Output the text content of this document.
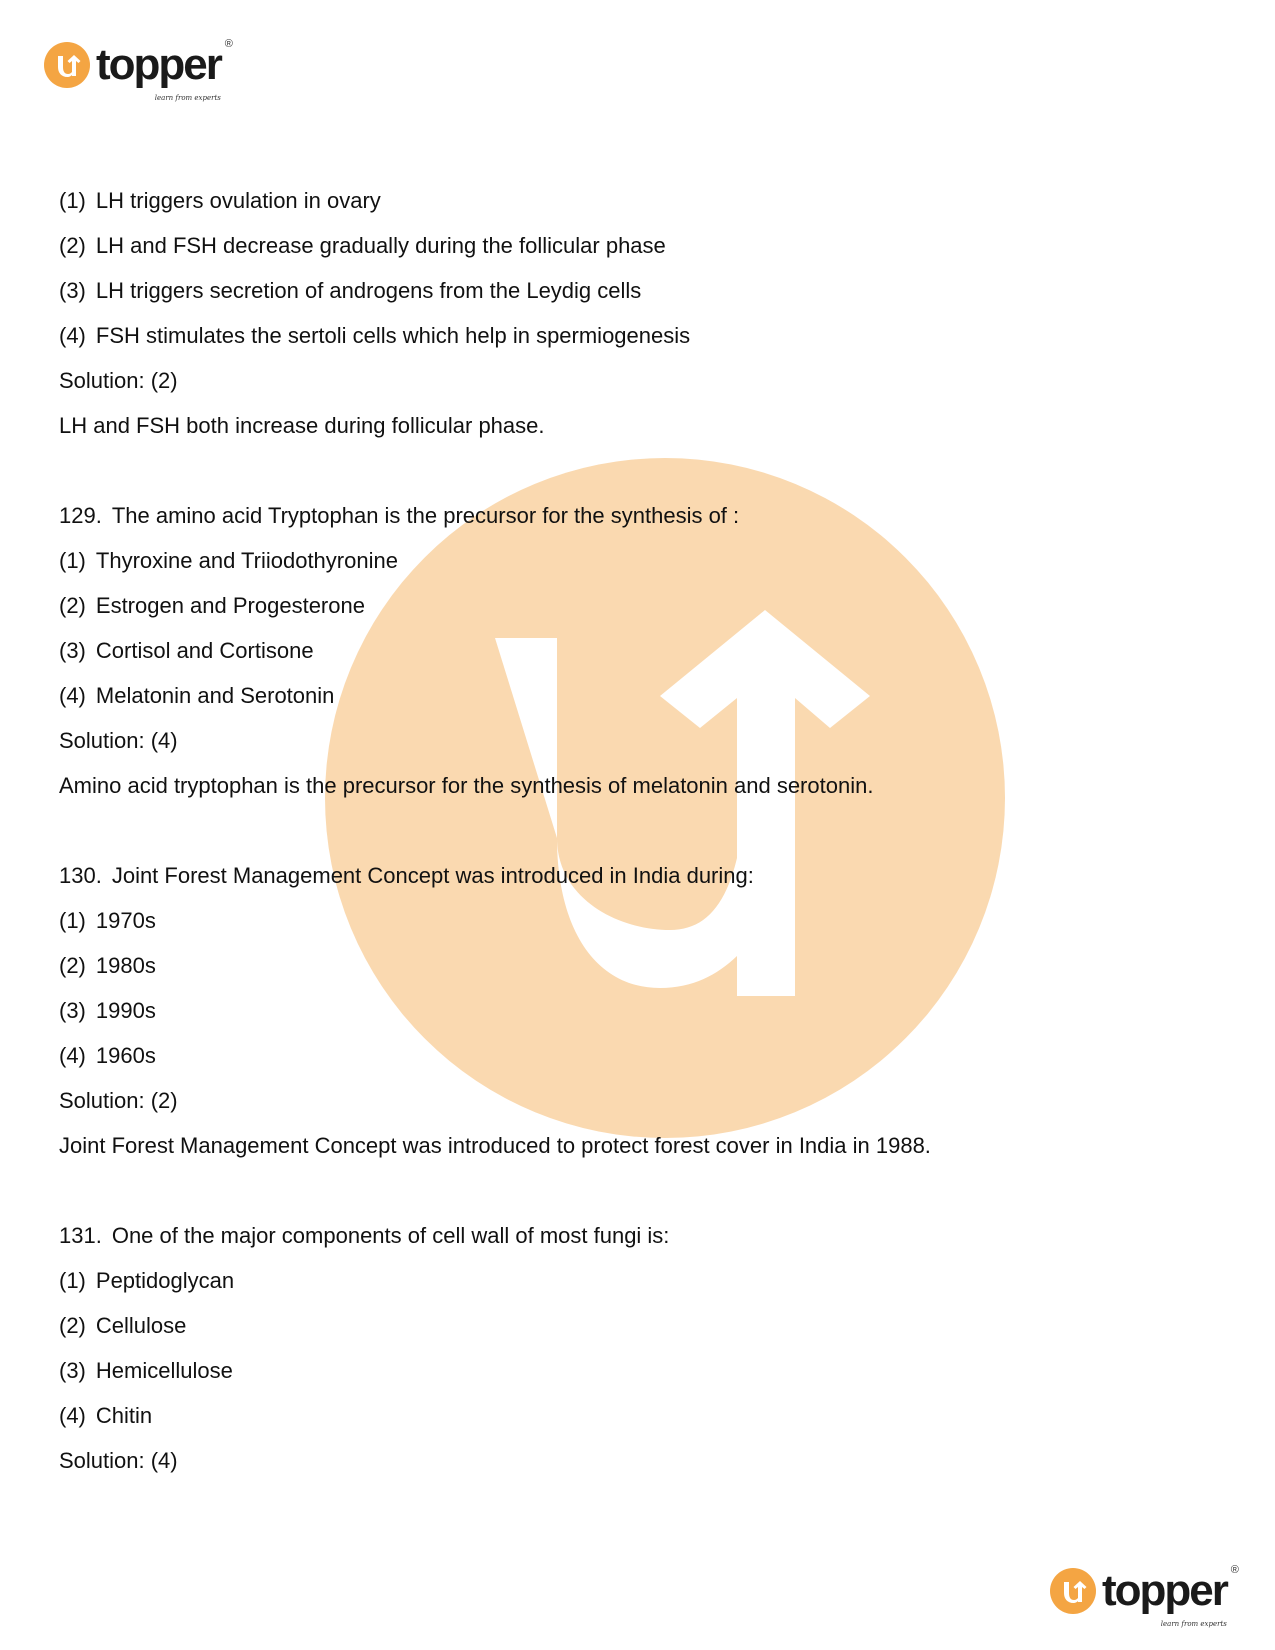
topper ®
learn from experts
(1) LH triggers ovulation in ovary
(2) LH and FSH decrease gradually during the follicular phase
(3) LH triggers secretion of androgens from the Leydig cells
(4) FSH stimulates the sertoli cells which help in spermiogenesis
Solution: (2)
LH and FSH both increase during follicular phase.
129. The amino acid Tryptophan is the precursor for the synthesis of :
(1) Thyroxine and Triiodothyronine
(2) Estrogen and Progesterone
(3) Cortisol and Cortisone
(4) Melatonin and Serotonin
Solution: (4)
Amino acid tryptophan is the precursor for the synthesis of melatonin and serotonin.
130. Joint Forest Management Concept was introduced in India during:
(1) 1970s
(2) 1980s
(3) 1990s
(4) 1960s
Solution: (2)
Joint Forest Management Concept was introduced to protect forest cover in India in 1988.
131. One of the major components of cell wall of most fungi is:
(1) Peptidoglycan
(2) Cellulose
(3) Hemicellulose
(4) Chitin
Solution: (4)
topper ®
learn from experts
